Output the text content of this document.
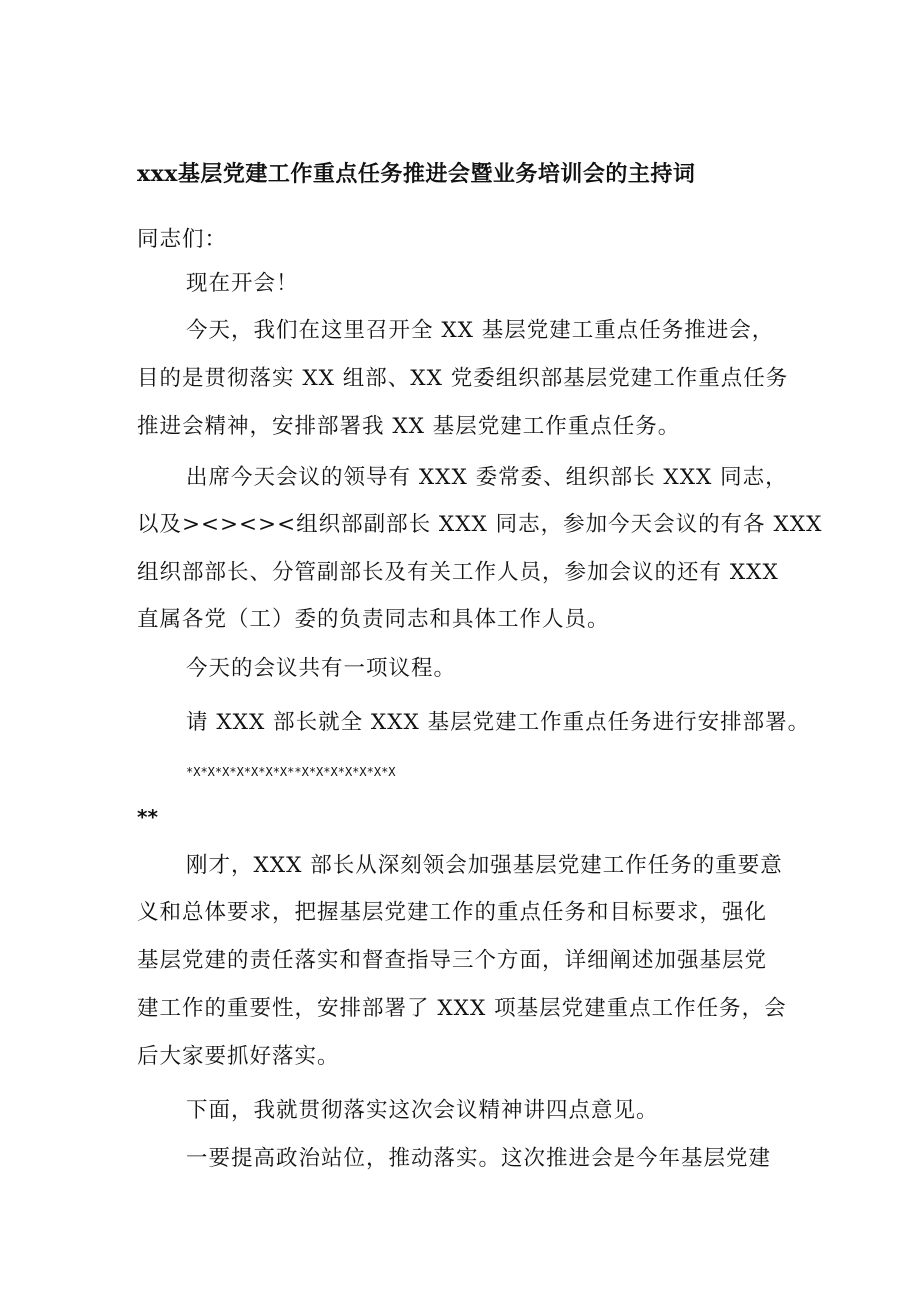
xxx基层党建工作重点任务推进会暨业务培训会的主持词
同志们：
现在开会！
今天，我们在这里召开全 XX 基层党建工重点任务推进会，
目的是贯彻落实 XX 组部、XX 党委组织部基层党建工作重点任务
推进会精神，安排部署我 XX 基层党建工作重点任务。
出席今天会议的领导有 XXX 委常委、组织部长 XXX 同志，
以及><><><组织部副部长 XXX 同志，参加今天会议的有各 XXX
组织部部长、分管副部长及有关工作人员，参加会议的还有 XXX
直属各党（工）委的负责同志和具体工作人员。
今天的会议共有一项议程。
请 XXX 部长就全 XXX 基层党建工作重点任务进行安排部署。
*X*X*X*X*X*X*X**X*X*X*X*X*X*X
**
刚才，XXX 部长从深刻领会加强基层党建工作任务的重要意
义和总体要求，把握基层党建工作的重点任务和目标要求，强化
基层党建的责任落实和督查指导三个方面，详细阐述加强基层党
建工作的重要性，安排部署了 XXX 项基层党建重点工作任务，会
后大家要抓好落实。
下面，我就贯彻落实这次会议精神讲四点意见。
一要提高政治站位，推动落实。这次推进会是今年基层党建
